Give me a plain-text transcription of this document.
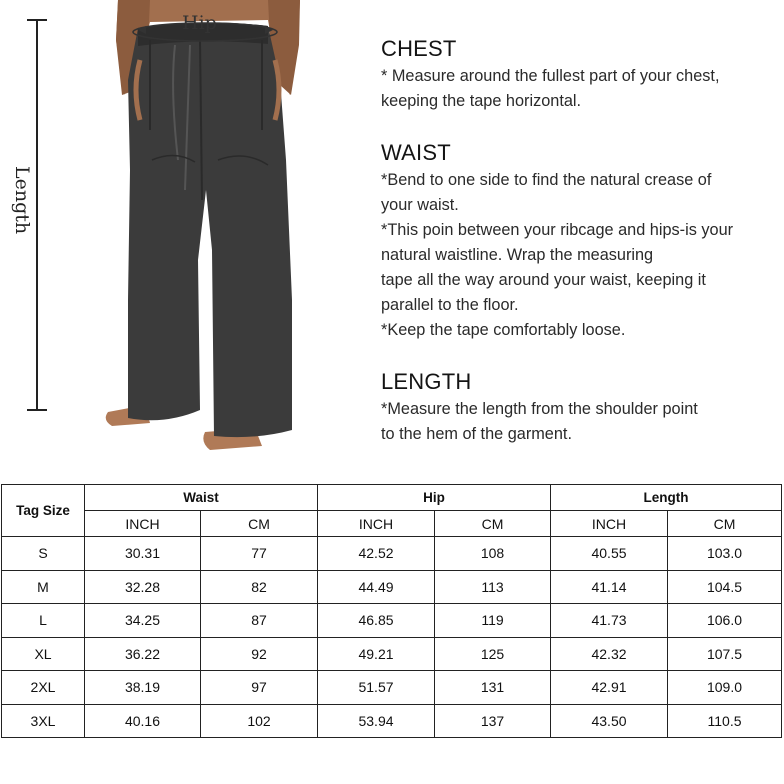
Length
Hip

CHEST

* Measure around the fullest part of your chest,

keeping the tape horizontal.

WAIST

*Bend to one side to find the natural crease of

your waist.

*This poin between your ribcage and hips-is your

natural waistline. Wrap the measuring

tape all the way around your waist, keeping it

parallel to the floor.

*Keep the tape comfortably loose.

LENGTH

*Measure the length from the shoulder point

to the hem of the garment.

Tag Size	Waist		Hip		Length	
	INCH	CM	INCH	CM	INCH	CM
S	30.31	77	42.52	108	40.55	103.0
M	32.28	82	44.49	113	41.14	104.5
L	34.25	87	46.85	119	41.73	106.0
XL	36.22	92	49.21	125	42.32	107.5
2XL	38.19	97	51.57	131	42.91	109.0
3XL	40.16	102	53.94	137	43.50	110.5
